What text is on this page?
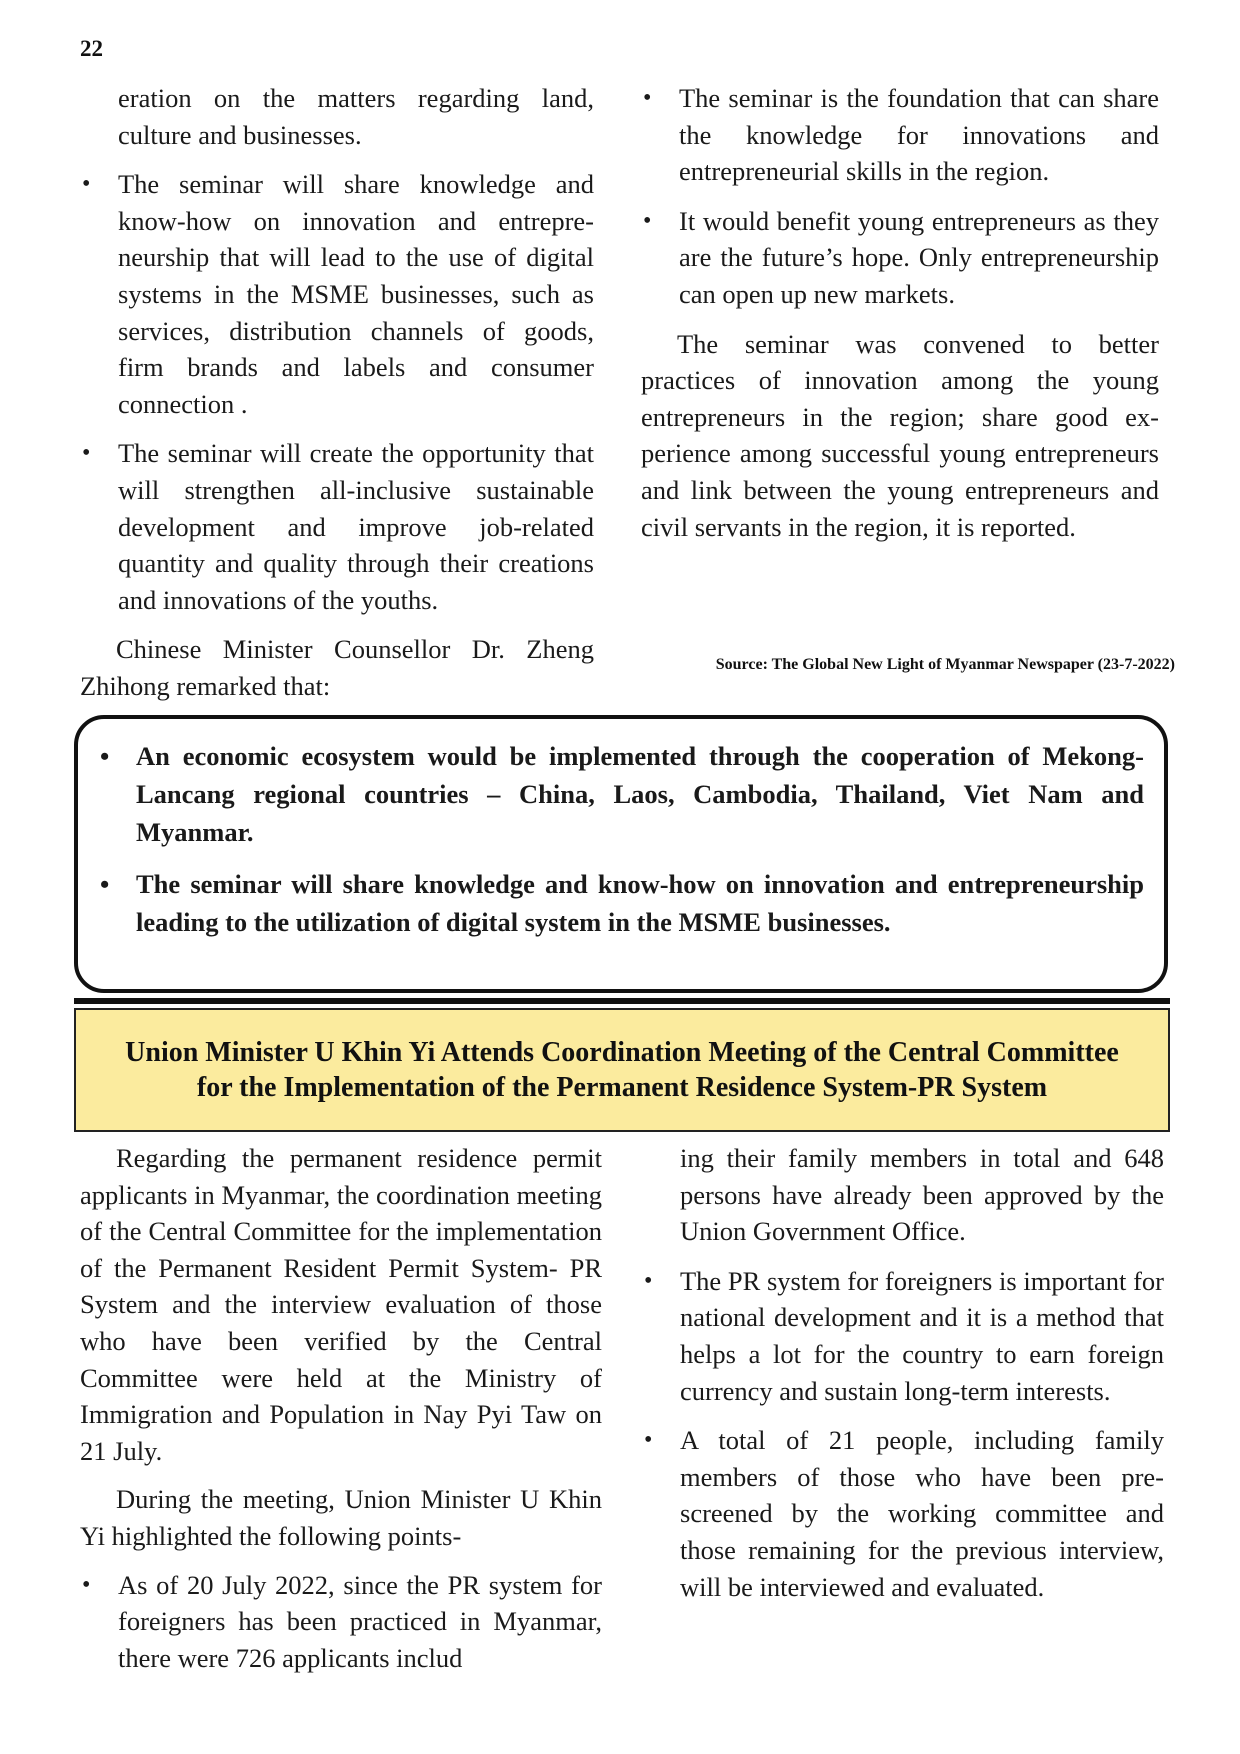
22

eration on the matters regarding land, culture and businesses.

• The seminar will share knowledge and know-how on innovation and entrepreneurship that will lead to the use of digital systems in the MSME businesses, such as services, distribution channels of goods, firm brands and labels and consumer connection .
• The seminar will create the opportunity that will strengthen all-inclusive sustainable development and improve job-related quantity and quality through their creations and innovations of the youths.

Chinese Minister Counsellor Dr. Zheng Zhihong remarked that:

• The seminar is the foundation that can share the knowledge for innovations and entrepreneurial skills in the region.
• It would benefit young entrepreneurs as they are the future’s hope. Only entrepreneurship can open up new markets.

The seminar was convened to better practices of innovation among the young entrepreneurs in the region; share good experience among successful young entrepreneurs and link between the young entrepreneurs and civil servants in the region, it is reported.

Source: The Global New Light of Myanmar Newspaper (23-7-2022)
• An economic ecosystem would be implemented through the cooperation of Mekong-Lancang regional countries – China, Laos, Cambodia, Thailand, Viet Nam and Myanmar.
• The seminar will share knowledge and know-how on innovation and entrepreneurship leading to the utilization of digital system in the MSME businesses.
Union Minister U Khin Yi Attends Coordination Meeting of the Central Committee for the Implementation of the Permanent Residence System-PR System

Regarding the permanent residence permit applicants in Myanmar, the coordination meeting of the Central Committee for the implementation of the Permanent Resident Permit System- PR System and the interview evaluation of those who have been verified by the Central Committee were held at the Ministry of Immigration and Population in Nay Pyi Taw on 21 July.

During the meeting, Union Minister U Khin Yi highlighted the following points-

• As of 20 July 2022, since the PR system for foreigners has been practiced in Myanmar, there were 726 applicants includ

ing their family members in total and 648 persons have already been approved by the Union Government Office.

• The PR system for foreigners is important for national development and it is a method that helps a lot for the country to earn foreign currency and sustain long-term interests.
• A total of 21 people, including family members of those who have been pre-screened by the working committee and those remaining for the previous interview, will be interviewed and evaluated.
